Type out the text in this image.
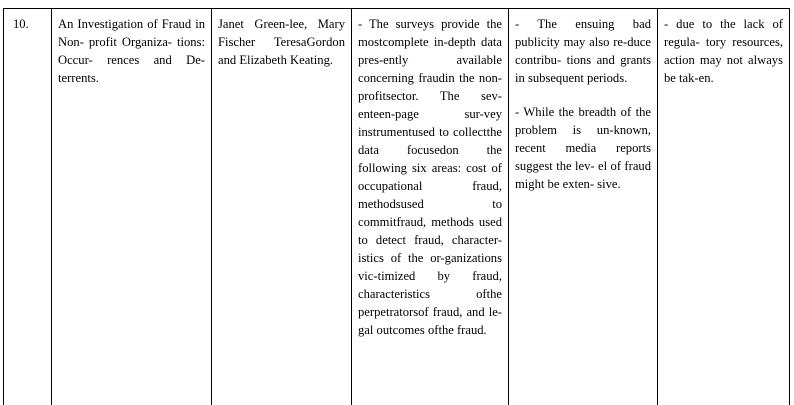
10.	An Investigation of Fraud in Non- profit Organiza- tions: Occur- rences and De- terrents.

Janet Green-lee, Mary Fischer TeresaGordon and Elizabeth Keating.

- The surveys provide the mostcomplete in-depth data pres-ently available concerning fraudin the non-profitsector. The sev-enteen-page sur-vey instrumentused to collectthe data focusedon the following six areas: cost of occupational fraud, methodsused to commitfraud, methods used to detect fraud, character-istics of the or-ganizations vic-timized by fraud, characteristics ofthe perpetratorsof fraud, and le-gal outcomes ofthe fraud.

- The ensuing bad publicity may also re-duce contribu- tions and grants in subsequent periods.

- While the breadth of the problem is un-known, recent media reports suggest the lev- el of fraud might be exten- sive.

- due to the lack of regula- tory resources, action may not always be tak-en.
